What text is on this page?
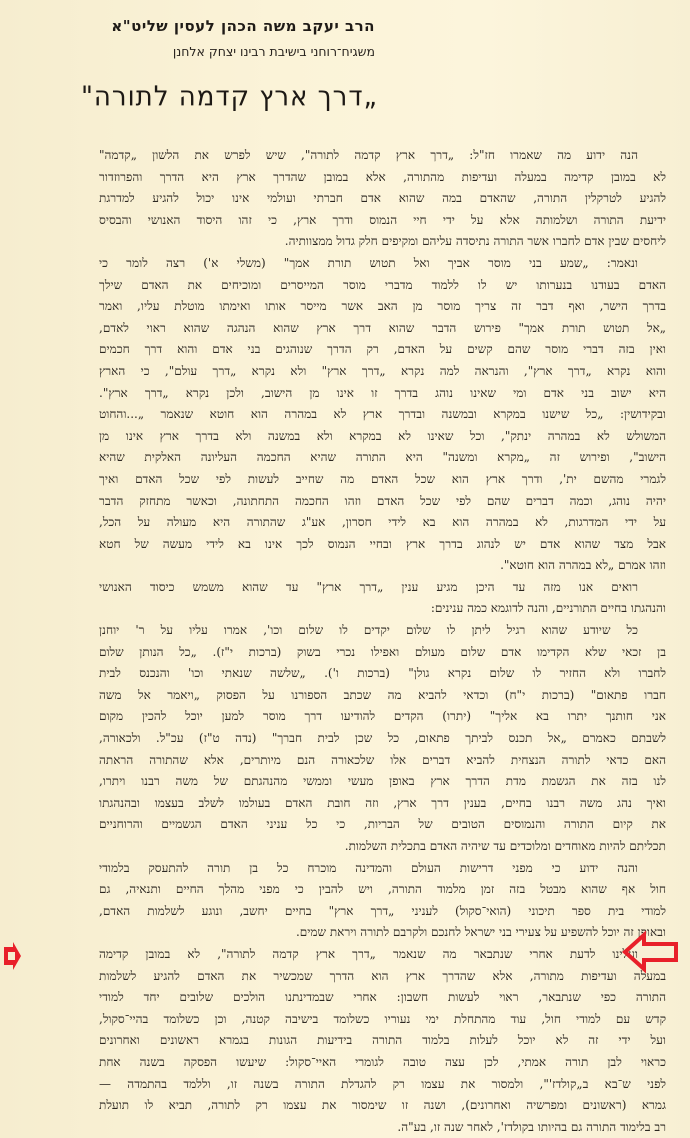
הרב יעקב משה הכהן לעסין שליט"א
משגיח־רוחני בישיבת רבינו יצחק אלחנן
„דרך ארץ קדמה לתורה"
הנה ידוע מה שאמרו חז"ל: „דרך ארץ קדמה לתורה", שיש לפרש את הלשון „קדמה"
לא במובן קדימה במעלה ועדיפות מהתורה, אלא במובן שהדרך ארץ היא הדרך והפרוזדור
להגיע לטרקלין התורה, שהאדם במה שהוא אדם חברתי ועולמי אינו יכול להגיע למדרגת
ידיעת התורה ושלמותה אלא על ידי חיי הנמוס ודרך ארץ, כי זהו היסוד האנושי והבסיס
ליחסים שבין אדם לחברו אשר התורה נתיסדה עליהם ומקיפים חלק גדול ממצוותיה.
ונאמר: „שמע בני מוסר אביך ואל תטוש תורת אמך" (משלי א') רצה לומר כי
האדם בעודנו בנערותו יש לו ללמוד מדברי מוסר המייסרים ומוכיחים את האדם שילך
בדרך הישר, ואף דבר זה צריך מוסר מן האב אשר מייסר אותו ואימתו מוטלת עליו, ואמר
„אל תטוש תורת אמך" פירוש הדבר שהוא דרך ארץ שהוא הנהגה שהוא ראוי לאדם,
ואין בזה דברי מוסר שהם קשים על האדם, רק הדרך שנוהגים בני אדם והוא דרך חכמים
והוא נקרא „דרך ארץ", והנראה למה נקרא „דרך ארץ" ולא נקרא „דרך עולם", כי הארץ
היא ישוב בני אדם ומי שאינו נוהג בדרך זו אינו מן הישוב, ולכן נקרא „דרך ארץ".
ובקידושין: „כל שישנו במקרא ובמשנה ובדרך ארץ לא במהרה הוא חוטא שנאמר „...והחוט
המשולש לא במהרה ינתק", וכל שאינו לא במקרא ולא במשנה ולא בדרך ארץ אינו מן
הישוב", ופירוש זה „מקרא ומשנה" היא התורה שהיא החכמה העליונה האלקית שהיא
לגמרי מהשם ית', ודרך ארץ הוא שכל האדם מה שחייב לעשות לפי שכל האדם ואיך
יהיה נוהג, וכמה דברים שהם לפי שכל האדם וזהו החכמה התחתונה, וכאשר מתחזק הדבר
על ידי המדרגות, לא במהרה הוא בא לידי חסרון, אע"ג שהתורה היא מעולה על הכל,
אבל מצד שהוא אדם יש לנהוג בדרך ארץ ובחיי הנמוס לכך אינו בא לידי מעשה של חטא
וזהו אמרם „לא במהרה הוא חוטא".
רואים אנו מזה עד היכן מגיע ענין „דרך ארץ" עד שהוא משמש כיסוד האנושי
והנהגתו בחיים התורניים, והנה לדוגמא כמה ענינים:
כל שיודע שהוא רגיל ליתן לו שלום יקדים לו שלום וכו', אמרו עליו על ר' יוחנן
בן זכאי שלא הקדימו אדם שלום מעולם ואפילו נכרי בשוק (ברכות י"ז). „כל הנותן שלום
לחברו ולא החזיר לו שלום נקרא גולן" (ברכות ו'). „שלשה שנאתי וכו' והנכנס לבית
חברו פתאום" (ברכות י"ח) וכדאי להביא מה שכתב הספורנו על הפסוק „ויאמר אל משה
אני חותנך יתרו בא אליך" (יתרו) הקדים להודיעו דרך מוסר למען יוכל להכין מקום
לשבתם כאמרם „אל תכנס לביתך פתאום, כל שכן לבית חברך" (נדה ט"ז) עכ"ל. ולכאורה,
האם כדאי לתורה הנצחית להביא דברים אלו שלכאורה הנם מיותרים, אלא שהתורה הראתה
לנו בזה את הגשמת מדת הדרך ארץ באופן מעשי וממשי מהנהגתם של משה רבנו ויתרו,
ואיך נהג משה רבנו בחיים, בענין דרך ארץ, וזה חובת האדם בעולמו לשלב בעצמו ובהנהגתו
את קיום התורה והנמוסים הטובים של הבריות, כי כל עניני האדם הגשמיים והרוחניים
תכליתם להיות מאוחדים ומלוכדים עד שיהיה האדם בתכלית השלמות.
והנה ידוע כי מפני דרישות העולם והמדינה מוכרח כל בן תורה להתעסק בלמודי
חול אף שהוא מבטל בזה זמן מלמוד התורה, ויש להבין כי מפני מהלך החיים ותנאיה, גם
למודי בית ספר תיכוני (הואי־סקול) לעניני „דרך ארץ" בחיים יחשב, ונוגע לשלמות האדם,
ובאופן זה יוכל להשפיע על צעירי בני ישראל לחנכם ולקרבם לתורה ויראת שמים.
ועלינו לדעת אחרי שנתבאר מה שנאמר „דרך ארץ קדמה לתורה", לא במובן קדימה
במעלה ועדיפות מתורה, אלא שהדרך ארץ הוא הדרך שמכשיר את האדם להגיע לשלמות
התורה כפי שנתבאר, ראוי לעשות חשבון: אחרי שבמדינתנו הולכים שלובים יחד למודי
קדש עם למודי חול, עוד מהתחלת ימי נעוריו כשלומד בישיבה קטנה, וכן כשלומד בהיי־סקול,
ועל ידי זה לא יוכל לעלות בלמוד התורה בידיעות הגונות בגמרא ראשונים ואחרונים
כראוי לבן תורה אמתי, לכן עצה טובה לגומרי האיי־סקול: שיעשו הפסקה בשנה אחת
לפני ש־בא ב„קולדז'", ולמסור את עצמו רק להגדלת התורה בשנה זו, וללמד בהתמדה —
גמרא (ראשונים ומפרשיה ואחרונים), ושנה זו שימסור את עצמו רק לתורה, תביא לו תועלת
רב בלימוד התורה גם בהיותו בקולדז', לאחר שנה זו, בע"ה.
